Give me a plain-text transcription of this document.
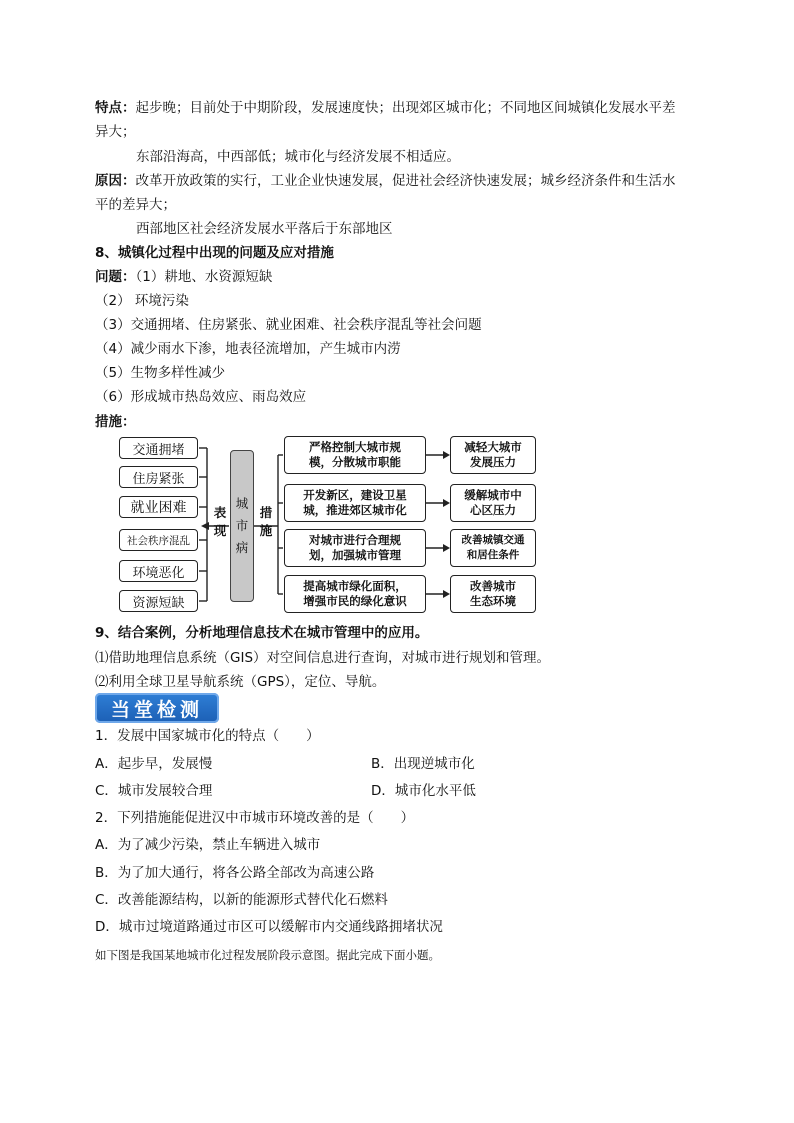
特点：起步晚；目前处于中期阶段，发展速度快；出现郊区城市化；不同地区间城镇化发展水平差
异大；
东部沿海高，中西部低；城市化与经济发展不相适应。
原因：改革开放政策的实行，工业企业快速发展，促进社会经济快速发展；城乡经济条件和生活水
平的差异大；
西部地区社会经济发展水平落后于东部地区
8、城镇化过程中出现的问题及应对措施
问题：（1）耕地、水资源短缺
（2） 环境污染
（3）交通拥堵、住房紧张、就业困难、社会秩序混乱等社会问题
（4）减少雨水下渗，地表径流增加，产生城市内涝
（5）生物多样性减少
（6）形成城市热岛效应、雨岛效应
措施：
交通拥堵
住房紧张
就业困难
社会秩序混乱
环境恶化
资源短缺
表
现
措
施
城
市
病
严格控制大城市规
模，分散城市职能
开发新区，建设卫星
城，推进郊区城市化
对城市进行合理规
划，加强城市管理
提高城市绿化面积，
增强市民的绿化意识
减轻大城市
发展压力
缓解城市中
心区压力
改善城镇交通
和居住条件
改善城市
生态环境
9、结合案例，分析地理信息技术在城市管理中的应用。
⑴借助地理信息系统（GIS）对空间信息进行查询，对城市进行规划和管理。
⑵利用全球卫星导航系统（GPS），定位、导航。
当堂检测
1．发展中国家城市化的特点（　　）
A．起步早，发展慢	B．出现逆城市化
C．城市发展较合理	D．城市化水平低
2．下列措施能促进汉中市城市环境改善的是（　　）
A．为了减少污染，禁止车辆进入城市
B．为了加大通行，将各公路全部改为高速公路
C．改善能源结构，以新的能源形式替代化石燃料
D．城市过境道路通过市区可以缓解市内交通线路拥堵状况
如下图是我国某地城市化过程发展阶段示意图。据此完成下面小题。
